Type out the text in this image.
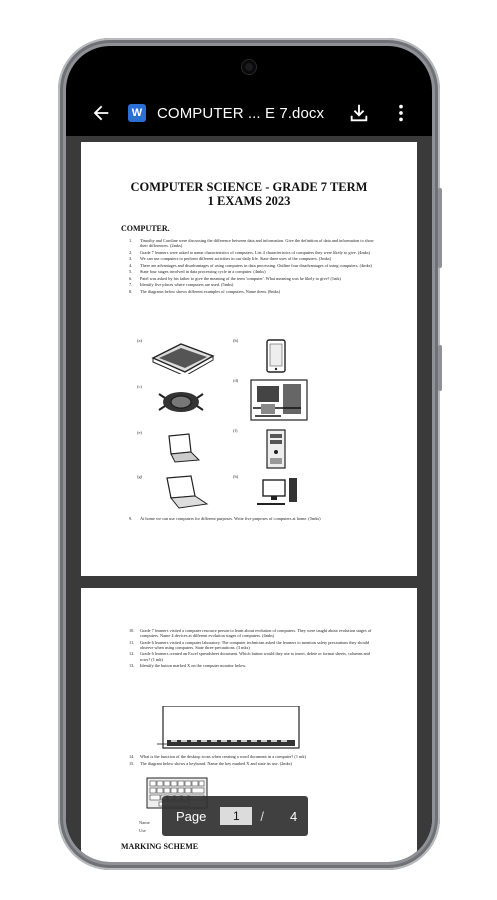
W COMPUTER ... E 7.docx
COMPUTER SCIENCE - GRADE 7 TERM
1 EXAMS 2023
COMPUTER.
1.	Timothy and Caroline were discussing the difference between data and information. Give the definition of data and information to show their differences. (2mks)
2.	Grade 7 learners were asked to name characteristics of computers. List 4 characteristics of computers they were likely to give. (4mks)
3.	We can use computers to perform different activities in our daily life. State three uses of the computers. (3mks)
4.	There are advantages and disadvantages of using computers in data processing. Outline four disadvantages of using computers. (4mks)
5.	State four stages involved in data processing cycle in a computer. (4mks)
6.	Patel was asked by his father to give the meaning of the term 'computer'. What meaning was he likely to give? (1mk)
7.	Identify five places where computers are used. (5mks)
8.	The diagrams below shows different examples of computers. Name them. (8mks)
(a)	(b)
(c)
(d)
(e)	(f)
(g)	(h)
9.	At home we can use computers for different purposes. Write five purposes of computers at home. (5mks)
10.	Grade 7 learners visited a computer resource person to learn about evolution of computers. They were taught about evolution stages of computers. Name 4 devices at different evolution stages of computers. (4mks)
11.	Grade 6 learners visited a computer laboratory. The computer technician asked the learners to mention safety precautions they should observe when using computers. State three precautions. (3 mks)
12.	Grade 6 learners created an Excel spreadsheet document. Which button would they use to insert, delete or format sheets, columns and rows? (1 mk)
13.	Identify the button marked X on the computer monitor below.
14.	What is the function of the desktop icons when creating a word document in a computer? (1 mk)
15.	The diagram below shows a keyboard. Name the key marked X and state its use. (2mks)
Name
Use
MARKING SCHEME
Page	1	/ 4
